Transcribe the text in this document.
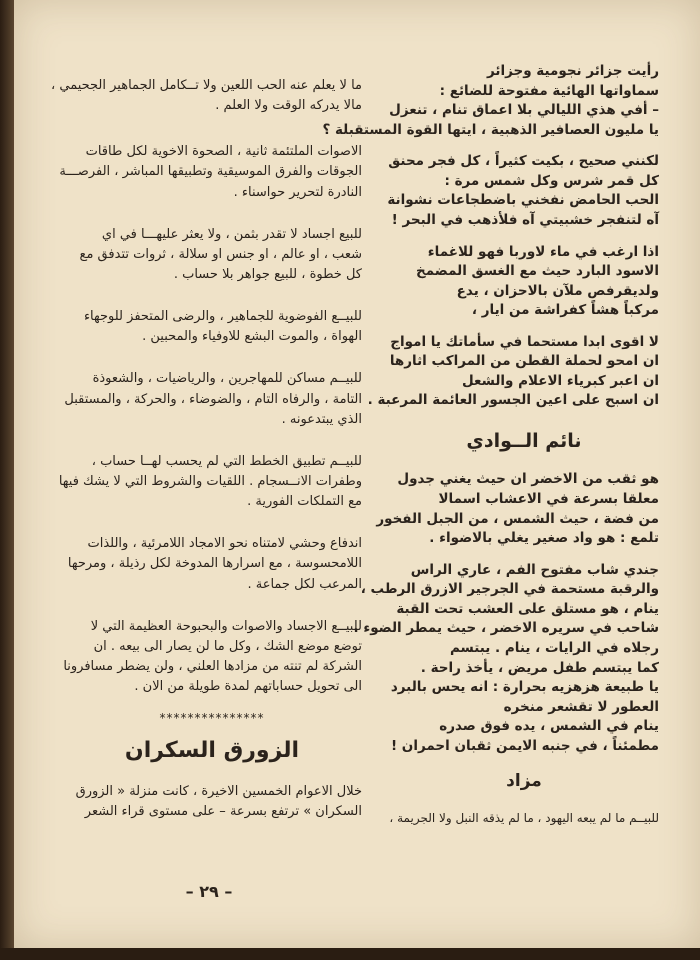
رأيت جزائر نجومية وجزائر
سماواتها الهائية مفتوحة للضائع :
– أفي هذي الليالي بلا اعماق تنام ، تنعزل
يا مليون العصافير الذهبية ، ايتها القوة المستقبلة ؟
لكنني صحيح ، بكيت كثيراً ، كل فجر محنق
كل قمر شرس وكل شمس مرة :
الحب الحامض نفخني باضطجاعات نشوانة
آه لتنفجر خشبيتي آه فلأذهب في البحر !
اذا ارغب في ماء لاوربا فهو للاغماء
الاسود البارد حيث مع الغسق المضمخ
ولديقرفص ملآن بالاحزان ، يدع
مركباً هشاً كفراشة من ايار ،
لا اقوى ابدا مستحما في سأماتك يا امواج
ان امحو لحملة القطن من المراكب اثارها
ان اعبر كبرياء الاعلام والشعل
ان اسبح على اعين الجسور العائمة المرعبة .
نائم الــوادي
هو ثقب من الاخضر ان حيث يغني جدول
معلقا بسرعة في الاعشاب اسمالا
من فضة ، حيث الشمس ، من الجبل الفخور
تلمع : هو واد صغير يغلي بالاضواء .
جندي شاب مفتوح الفم ، عاري الراس
والرقبة مستحمة في الجرجير الازرق الرطب ،
ينام ، هو مستلق على العشب تحت القبة
شاحب في سريره الاخضر ، حيث يمطر الضوء .
رجلاه في الرايات ، ينام . يبتسم
كما يبتسم طفل مريض ، يأخذ راحة .
يا طبيعة هزهزيه بحرارة : انه يحس بالبرد
العطور لا تقشعر منخره
ينام في الشمس ، يده فوق صدره
مطمئناً ، في جنبه الايمن ثقبان احمران !
مزاد
للبيــم ما لم يبعه اليهود ، ما لم يذقه النبل ولا الجريمة ،
ما لا يعلم عنه الحب اللعين ولا تــكامل الجماهير الجحيمي ،
مالا يدركه الوقت ولا العلم .
الاصوات الملتئمة ثانية ، الصحوة الاخوية لكل طاقات
الجوقات والفرق الموسيقية وتطبيقها المباشر ، الفرصـــة
النادرة لتحرير حواسناء .
للبيع اجساد لا تقدر بثمن ، ولا يعثر عليهـــا في اي
شعب ، او عالم ، او جنس او سلالة ، ثروات تتدفق مع
كل خطوة ، للبيع جواهر بلا حساب .
للبيــع الفوضوية للجماهير ، والرضى المتحفز للوجهاء
الهواة ، والموت البشع للاوفياء والمحبين .
للبيــم مساكن للمهاجرين ، والرياضيات ، والشعوذة
التامة ، والرفاه التام ، والضوضاء ، والحركة ، والمستقبل
الذي يبتدعونه .
للبيــم تطبيق الخطط التي لم يحسب لهــا حساب ،
وطفرات الانــسجام . اللقيات والشروط التي لا يشك فيها
مع التملكات الفورية .
اندفاع وحشي لامتناه نحو الامجاد اللامرئية ، واللذات
اللامحسوسة ، مع اسرارها المدوخة لكل رذيلة ، ومرحها
المرعب لكل جماعة .
للبيــع الاجساد والاصوات والبحبوحة العظيمة التي لا
توضع موضع الشك ، وكل ما لن يصار الى بيعه . ان
الشركة لم تنته من مزادها العلني ، ولن يضطر مسافرونا
الى تحويل حساباتهم لمدة طويلة من الان .
***************
الزورق السكران
خلال الاعوام الخمسين الاخيرة ، كانت منزلة « الزورق
السكران » ترتفع بسرعة – على مستوى قراء الشعر
– ٢٩ –
